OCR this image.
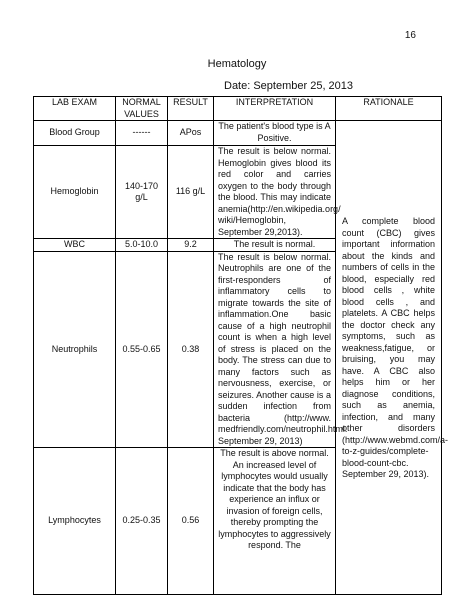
16
Hematology
Date: September 25, 2013
LAB EXAM	NORMAL VALUES	RESULT	INTERPRETATION	RATIONALE
Blood Group	------	APos	The patient's blood type is A Positive.	A complete blood count (CBC) gives important information about the kinds and numbers of cells in the blood, especially red blood cells , white blood cells , and platelets. A CBC helps the doctor check any symptoms, such as weakness,fatigue, or bruising, you may have. A CBC also helps him or her diagnose conditions, such as anemia, infection, and many other disorders (http://www.webmd.com/a-to-z-guides/complete-blood-count-cbc. September 29, 2013).
Hemoglobin	140-170 g/L	116 g/L	The result is below normal. Hemoglobin gives blood its red color and carries oxygen to the body through the blood. This may indicate anemia(http://en.wikipedia.org/ wiki/Hemoglobin, September 29,2013).	
WBC	5.0-10.0	9.2	The result is normal.	
Neutrophils	0.55-0.65	0.38	The result is below normal. Neutrophils are one of the first-responders of inflammatory cells to migrate towards the site of inflammation.One basic cause of a high neutrophil count is when a high level of stress is placed on the body. The stress can due to many factors such as nervousness, exercise, or seizures. Another cause is a sudden infection from bacteria (http://www. medfriendly.com/neutrophil.html. September 29, 2013)	
Lymphocytes	0.25-0.35	0.56	The result is above normal. An increased level of lymphocytes would usually indicate that the body has experience an influx or invasion of foreign cells, thereby prompting the lymphocytes to aggressively respond. The	
